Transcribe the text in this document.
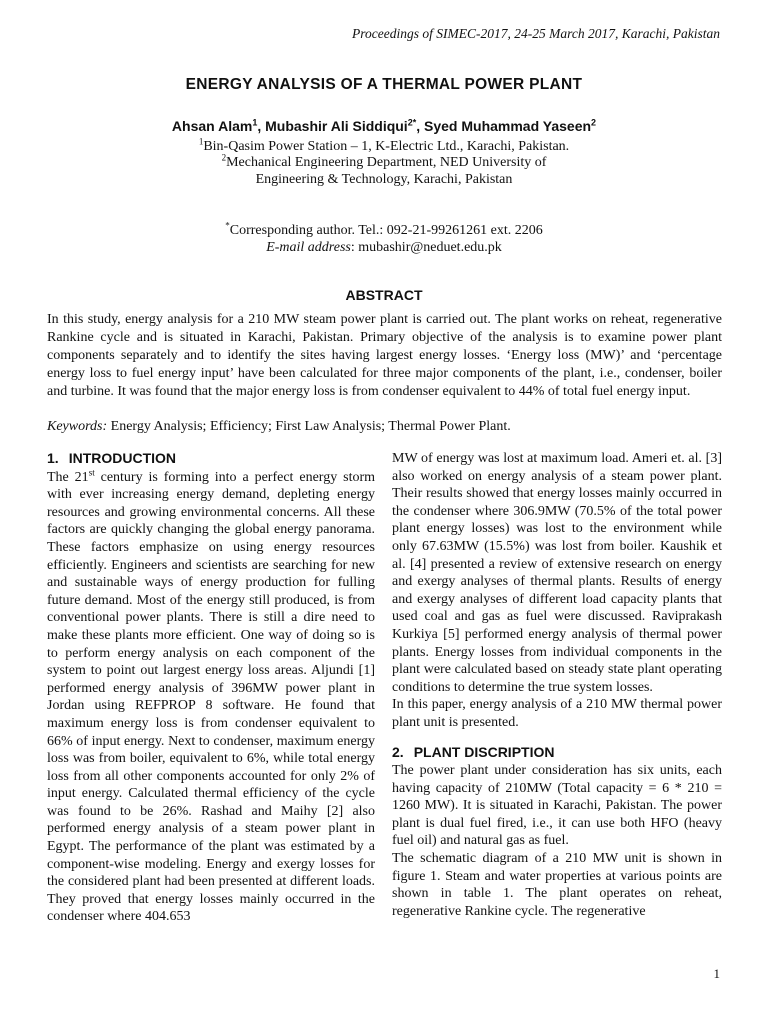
Proceedings of SIMEC-2017, 24-25 March 2017, Karachi, Pakistan
ENERGY ANALYSIS OF A THERMAL POWER PLANT
Ahsan Alam$^1$, Mubashir Ali Siddiqui$^{2*}$, Syed Muhammad Yaseen$^2$
$^1$Bin-Qasim Power Station – 1, K-Electric Ltd., Karachi, Pakistan.
$^2$Mechanical Engineering Department, NED University of
Engineering & Technology, Karachi, Pakistan
*Corresponding author. Tel.: 092-21-99261261 ext. 2206
E-mail address: mubashir@neduet.edu.pk
ABSTRACT

In this study, energy analysis for a 210 MW steam power plant is carried out. The plant works on reheat, regenerative Rankine cycle and is situated in Karachi, Pakistan. Primary objective of the analysis is to examine power plant components separately and to identify the sites having largest energy losses. ‘Energy loss (MW)’ and ‘percentage energy loss to fuel energy input’ have been calculated for three major components of the plant, i.e., condenser, boiler and turbine. It was found that the major energy loss is from condenser equivalent to 44% of total fuel energy input.

Keywords: Energy Analysis; Efficiency; First Law Analysis; Thermal Power Plant.

1. INTRODUCTION

The 21st century is forming into a perfect energy storm with ever increasing energy demand, depleting energy resources and growing environmental concerns. All these factors are quickly changing the global energy panorama. These factors emphasize on using energy resources efficiently. Engineers and scientists are searching for new and sustainable ways of energy production for fulling future demand. Most of the energy still produced, is from conventional power plants. There is still a dire need to make these plants more efficient. One way of doing so is to perform energy analysis on each component of the system to point out largest energy loss areas. Aljundi [1] performed energy analysis of 396MW power plant in Jordan using REFPROP 8 software. He found that maximum energy loss is from condenser equivalent to 66% of input energy. Next to condenser, maximum energy loss was from boiler, equivalent to 6%, while total energy loss from all other components accounted for only 2% of input energy. Calculated thermal efficiency of the cycle was found to be 26%. Rashad and Maihy [2] also performed energy analysis of a steam power plant in Egypt. The performance of the plant was estimated by a component-wise modeling. Energy and exergy losses for the considered plant had been presented at different loads. They proved that energy losses mainly occurred in the condenser where 404.653

MW of energy was lost at maximum load. Ameri et. al. [3] also worked on energy analysis of a steam power plant. Their results showed that energy losses mainly occurred in the condenser where 306.9MW (70.5% of the total power plant energy losses) was lost to the environment while only 67.63MW (15.5%) was lost from boiler. Kaushik et al. [4] presented a review of extensive research on energy and exergy analyses of thermal plants. Results of energy and exergy analyses of different load capacity plants that used coal and gas as fuel were discussed. Raviprakash Kurkiya [5] performed energy analysis of thermal power plants. Energy losses from individual components in the plant were calculated based on steady state plant operating conditions to determine the true system losses.

In this paper, energy analysis of a 210 MW thermal power plant unit is presented.

2. PLANT DISCRIPTION

The power plant under consideration has six units, each having capacity of 210MW (Total capacity = 6 * 210 = 1260 MW). It is situated in Karachi, Pakistan. The power plant is dual fuel fired, i.e., it can use both HFO (heavy fuel oil) and natural gas as fuel.

The schematic diagram of a 210 MW unit is shown in figure 1. Steam and water properties at various points are shown in table 1. The plant operates on reheat, regenerative Rankine cycle. The regenerative

1
